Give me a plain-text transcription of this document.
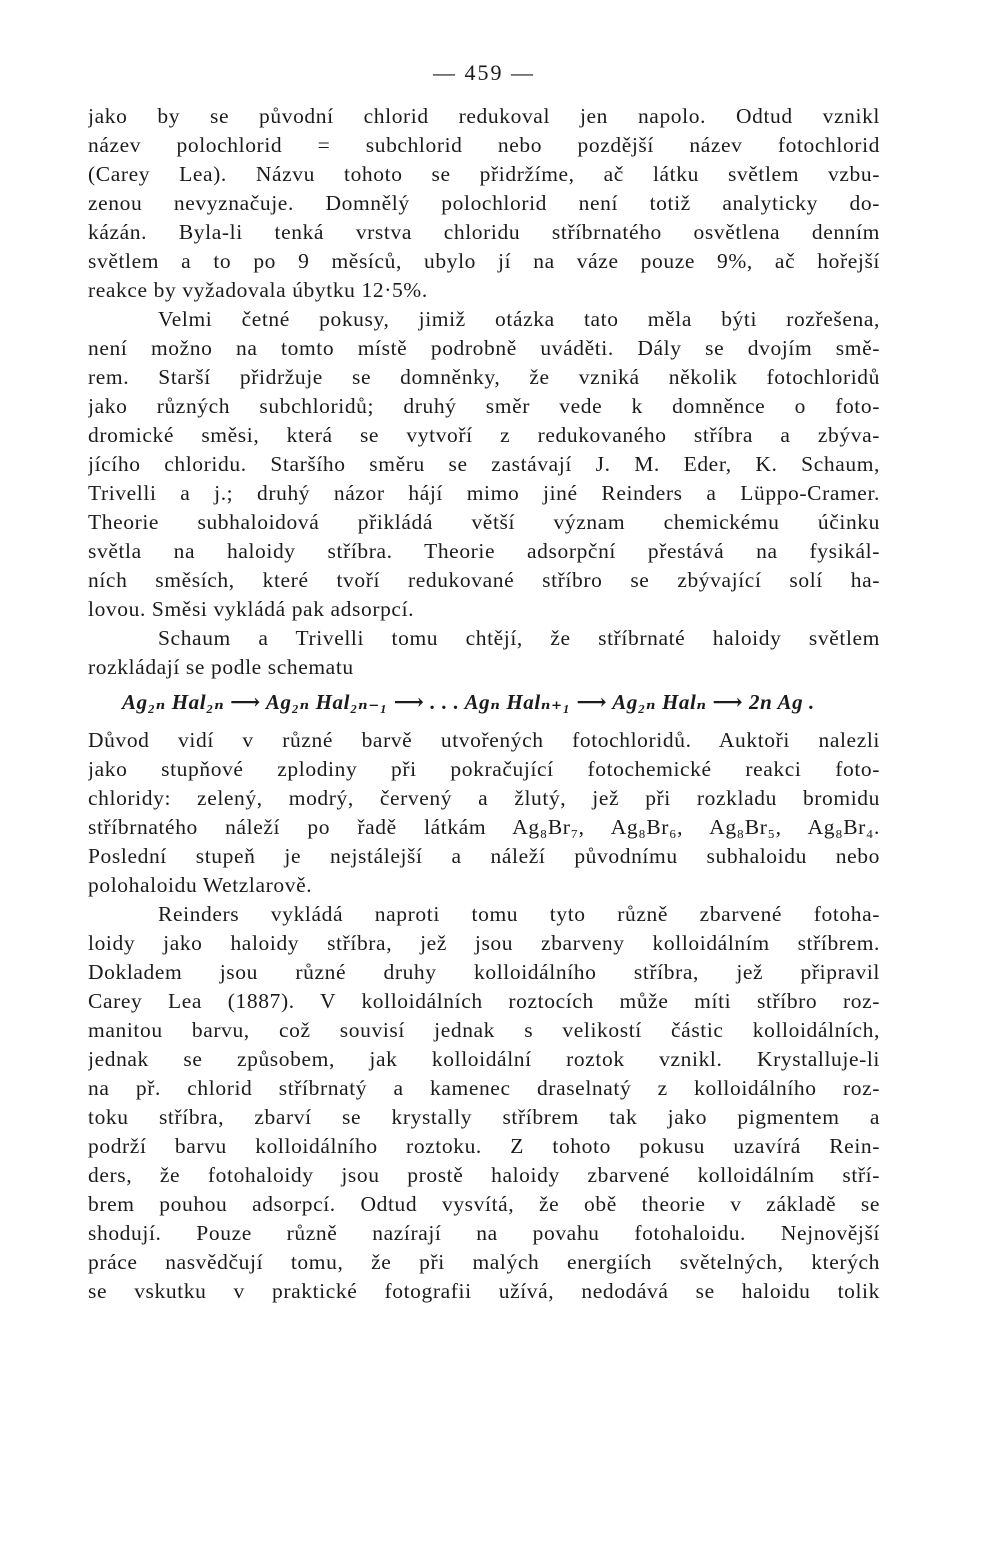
— 459 —
jako by se původní chlorid redukoval jen napolo. Odtud vznikl
název polochlorid = subchlorid nebo pozdější název fotochlorid
(Carey Lea). Názvu tohoto se přidržíme, ač látku světlem vzbu-
zenou nevyznačuje. Domnělý polochlorid není totiž analyticky do-
kázán. Byla-li tenká vrstva chloridu stříbrnatého osvětlena denním
světlem a to po 9 měsíců, ubylo jí na váze pouze 9%, ač hořejší
reakce by vyžadovala úbytku 12·5%.
Velmi četné pokusy, jimiž otázka tato měla býti rozřešena,
není možno na tomto místě podrobně uváděti. Dály se dvojím smě-
rem. Starší přidržuje se domněnky, že vzniká několik fotochloridů
jako různých subchloridů; druhý směr vede k domněnce o foto-
dromické směsi, která se vytvoří z redukovaného stříbra a zbýva-
jícího chloridu. Staršího směru se zastávají J. M. Eder, K. Schaum,
Trivelli a j.; druhý názor hájí mimo jiné Reinders a Lüppo-Cramer.
Theorie subhaloidová přikládá větší význam chemickému účinku
světla na haloidy stříbra. Theorie adsorpční přestává na fysikál-
ních směsích, které tvoří redukované stříbro se zbývající solí ha-
lovou. Směsi vykládá pak adsorpcí.
Schaum a Trivelli tomu chtějí, že stříbrnaté haloidy světlem
rozkládají se podle schematu
Ag₂ₙ Hal₂ₙ ⟶ Ag₂ₙ Hal₂ₙ₋₁ ⟶ . . . Agₙ Halₙ₊₁ ⟶ Ag₂ₙ Halₙ ⟶ 2n Ag .
Důvod vidí v různé barvě utvořených fotochloridů. Auktoři nalezli
jako stupňové zplodiny při pokračující fotochemické reakci foto-
chloridy: zelený, modrý, červený a žlutý, jež při rozkladu bromidu
stříbrnatého náleží po řadě látkám Ag₈Br₇, Ag₈Br₆, Ag₈Br₅, Ag₈Br₄.
Poslední stupeň je nejstálejší a náleží původnímu subhaloidu nebo
polohaloidu Wetzlarově.
Reinders vykládá naproti tomu tyto různě zbarvené fotoha-
loidy jako haloidy stříbra, jež jsou zbarveny kolloidálním stříbrem.
Dokladem jsou různé druhy kolloidálního stříbra, jež připravil
Carey Lea (1887). V kolloidálních roztocích může míti stříbro roz-
manitou barvu, což souvisí jednak s velikostí částic kolloidálních,
jednak se způsobem, jak kolloidální roztok vznikl. Krystalluje-li
na př. chlorid stříbrnatý a kamenec draselnatý z kolloidálního roz-
toku stříbra, zbarví se krystally stříbrem tak jako pigmentem a
podrží barvu kolloidálního roztoku. Z tohoto pokusu uzavírá Rein-
ders, že fotohaloidy jsou prostě haloidy zbarvené kolloidálním stří-
brem pouhou adsorpcí. Odtud vysvítá, že obě theorie v základě se
shodují. Pouze různě nazírají na povahu fotohaloidu. Nejnovější
práce nasvědčují tomu, že při malých energiích světelných, kterých
se vskutku v praktické fotografii užívá, nedodává se haloidu tolik
